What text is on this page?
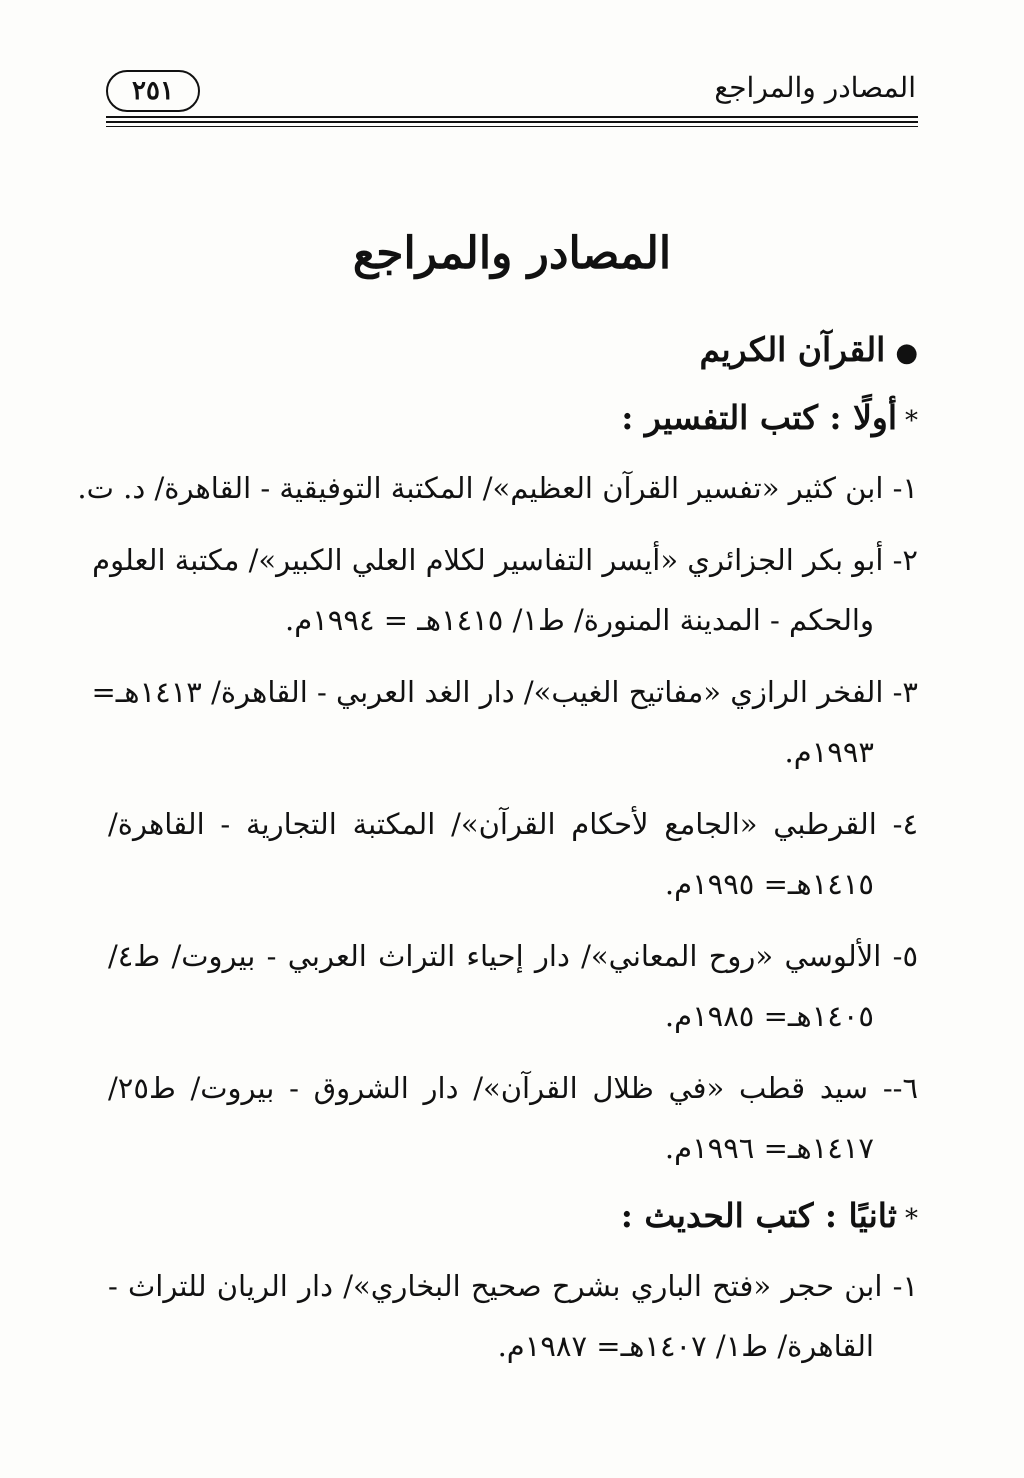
المصادر والمراجع
٢٥١
المصادر والمراجع
●القرآن الكريم
*أولًا : كتب التفسير :
١- ابن كثير «تفسير القرآن العظيم»/ المكتبة التوفيقية - القاهرة/ د. ت.
٢- أبو بكر الجزائري «أيسر التفاسير لكلام العلي الكبير»/ مكتبة العلوم
والحكم - المدينة المنورة/ ط١/ ١٤١٥هـ = ١٩٩٤م.
٣- الفخر الرازي «مفاتيح الغيب»/ دار الغد العربي - القاهرة/ ١٤١٣هـ=
١٩٩٣م.
٤- القرطبي «الجامع لأحكام القرآن»/ المكتبة التجارية - القاهرة/
١٤١٥هـ= ١٩٩٥م.
٥- الألوسي «روح المعاني»/ دار إحياء التراث العربي - بيروت/ ط٤/
١٤٠٥هـ= ١٩٨٥م.
٦-- سيد قطب «في ظلال القرآن»/ دار الشروق - بيروت/ ط٢٥/
١٤١٧هـ= ١٩٩٦م.
*ثانيًا : كتب الحديث :
١- ابن حجر «فتح الباري بشرح صحيح البخاري»/ دار الريان للتراث -
القاهرة/ ط١/ ١٤٠٧هـ= ١٩٨٧م.
